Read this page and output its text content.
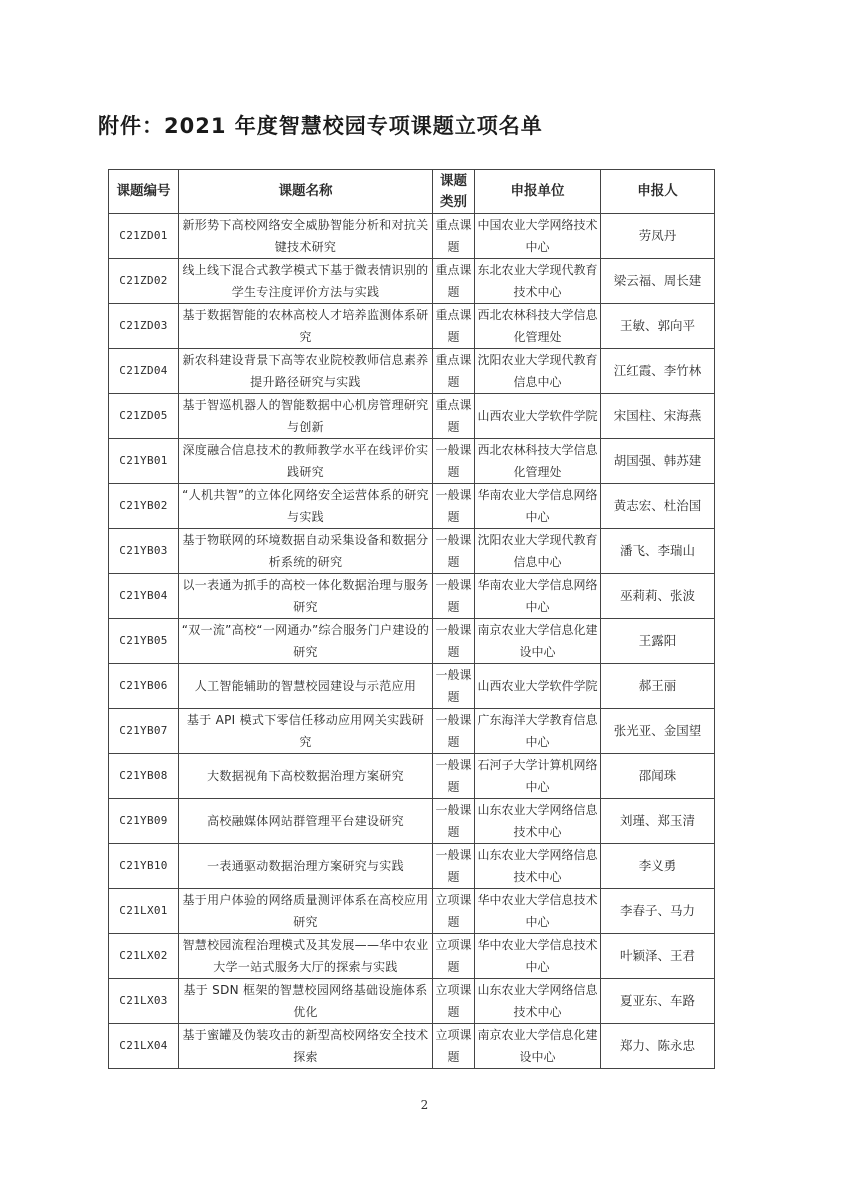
附件：2021 年度智慧校园专项课题立项名单
课题编号	课题名称	课题类别	申报单位	申报人
C21ZD01	新形势下高校网络安全威胁智能分析和对抗关键技术研究	重点课题	中国农业大学网络技术中心	劳凤丹
C21ZD02	线上线下混合式教学模式下基于微表情识别的学生专注度评价方法与实践	重点课题	东北农业大学现代教育技术中心	梁云福、周长建
C21ZD03	基于数据智能的农林高校人才培养监测体系研究	重点课题	西北农林科技大学信息化管理处	王敏、郭向平
C21ZD04	新农科建设背景下高等农业院校教师信息素养提升路径研究与实践	重点课题	沈阳农业大学现代教育信息中心	江红霞、李竹林
C21ZD05	基于智巡机器人的智能数据中心机房管理研究与创新	重点课题	山西农业大学软件学院	宋国柱、宋海燕
C21YB01	深度融合信息技术的教师教学水平在线评价实践研究	一般课题	西北农林科技大学信息化管理处	胡国强、韩苏建
C21YB02	“人机共智”的立体化网络安全运营体系的研究与实践	一般课题	华南农业大学信息网络中心	黄志宏、杜治国
C21YB03	基于物联网的环境数据自动采集设备和数据分析系统的研究	一般课题	沈阳农业大学现代教育信息中心	潘飞、李瑞山
C21YB04	以一表通为抓手的高校一体化数据治理与服务研究	一般课题	华南农业大学信息网络中心	巫莉莉、张波
C21YB05	“双一流”高校“一网通办”综合服务门户建设的研究	一般课题	南京农业大学信息化建设中心	王露阳
C21YB06	人工智能辅助的智慧校园建设与示范应用	一般课题	山西农业大学软件学院	郝王丽
C21YB07	基于 API 模式下零信任移动应用网关实践研究	一般课题	广东海洋大学教育信息中心	张光亚、金国望
C21YB08	大数据视角下高校数据治理方案研究	一般课题	石河子大学计算机网络中心	邵闻珠
C21YB09	高校融媒体网站群管理平台建设研究	一般课题	山东农业大学网络信息技术中心	刘瑾、郑玉清
C21YB10	一表通驱动数据治理方案研究与实践	一般课题	山东农业大学网络信息技术中心	李义勇
C21LX01	基于用户体验的网络质量测评体系在高校应用研究	立项课题	华中农业大学信息技术中心	李春子、马力
C21LX02	智慧校园流程治理模式及其发展——华中农业大学一站式服务大厅的探索与实践	立项课题	华中农业大学信息技术中心	叶颖泽、王君
C21LX03	基于 SDN 框架的智慧校园网络基础设施体系优化	立项课题	山东农业大学网络信息技术中心	夏亚东、车路
C21LX04	基于蜜罐及伪装攻击的新型高校网络安全技术探索	立项课题	南京农业大学信息化建设中心	郑力、陈永忠
2
